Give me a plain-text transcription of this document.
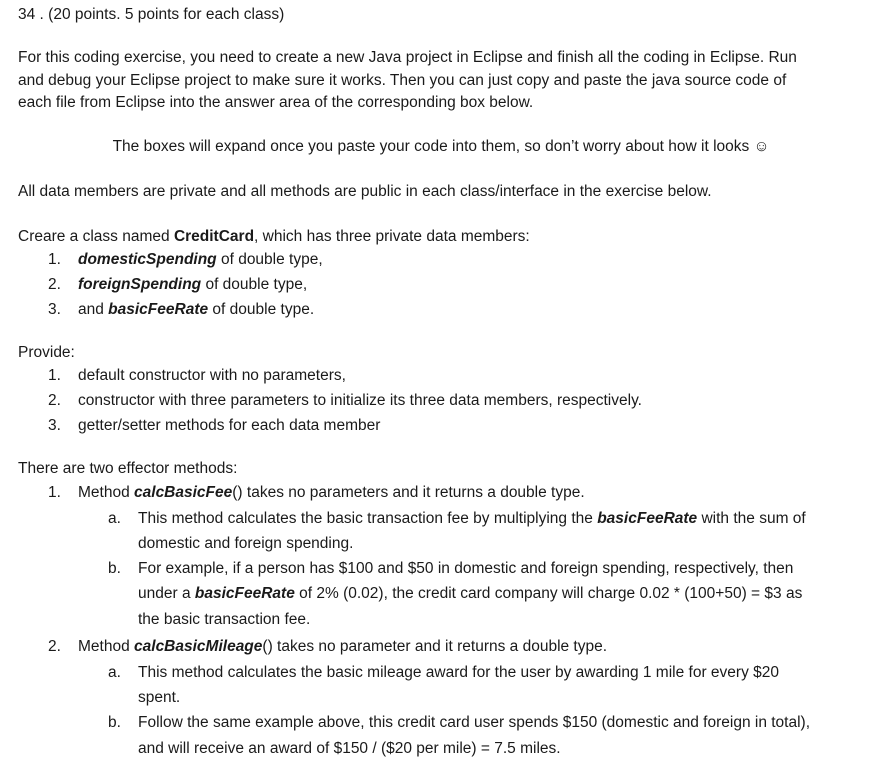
34 . (20 points. 5 points for each class)
For this coding exercise, you need to create a new Java project in Eclipse and finish all the coding in Eclipse. Run
and debug your Eclipse project to make sure it works. Then you can just copy and paste the java source code of
each file from Eclipse into the answer area of the corresponding box below.
The boxes will expand once you paste your code into them, so don’t worry about how it looks ☺
All data members are private and all methods are public in each class/interface in the exercise below.
Creare a class named CreditCard, which has three private data members:
1. domesticSpending of double type,
2. foreignSpending of double type,
3. and basicFeeRate of double type.
Provide:
1. default constructor with no parameters,
2. constructor with three parameters to initialize its three data members, respectively.
3. getter/setter methods for each data member
There are two effector methods:
1. Method calcBasicFee() takes no parameters and it returns a double type.
a. This method calculates the basic transaction fee by multiplying the basicFeeRate with the sum of
domestic and foreign spending.
b. For example, if a person has $100 and $50 in domestic and foreign spending, respectively, then
under a basicFeeRate of 2% (0.02), the credit card company will charge 0.02 * (100+50) = $3 as
the basic transaction fee.
2. Method calcBasicMileage() takes no parameter and it returns a double type.
a. This method calculates the basic mileage award for the user by awarding 1 mile for every $20
spent.
b. Follow the same example above, this credit card user spends $150 (domestic and foreign in total),
and will receive an award of $150 / ($20 per mile) = 7.5 miles.
